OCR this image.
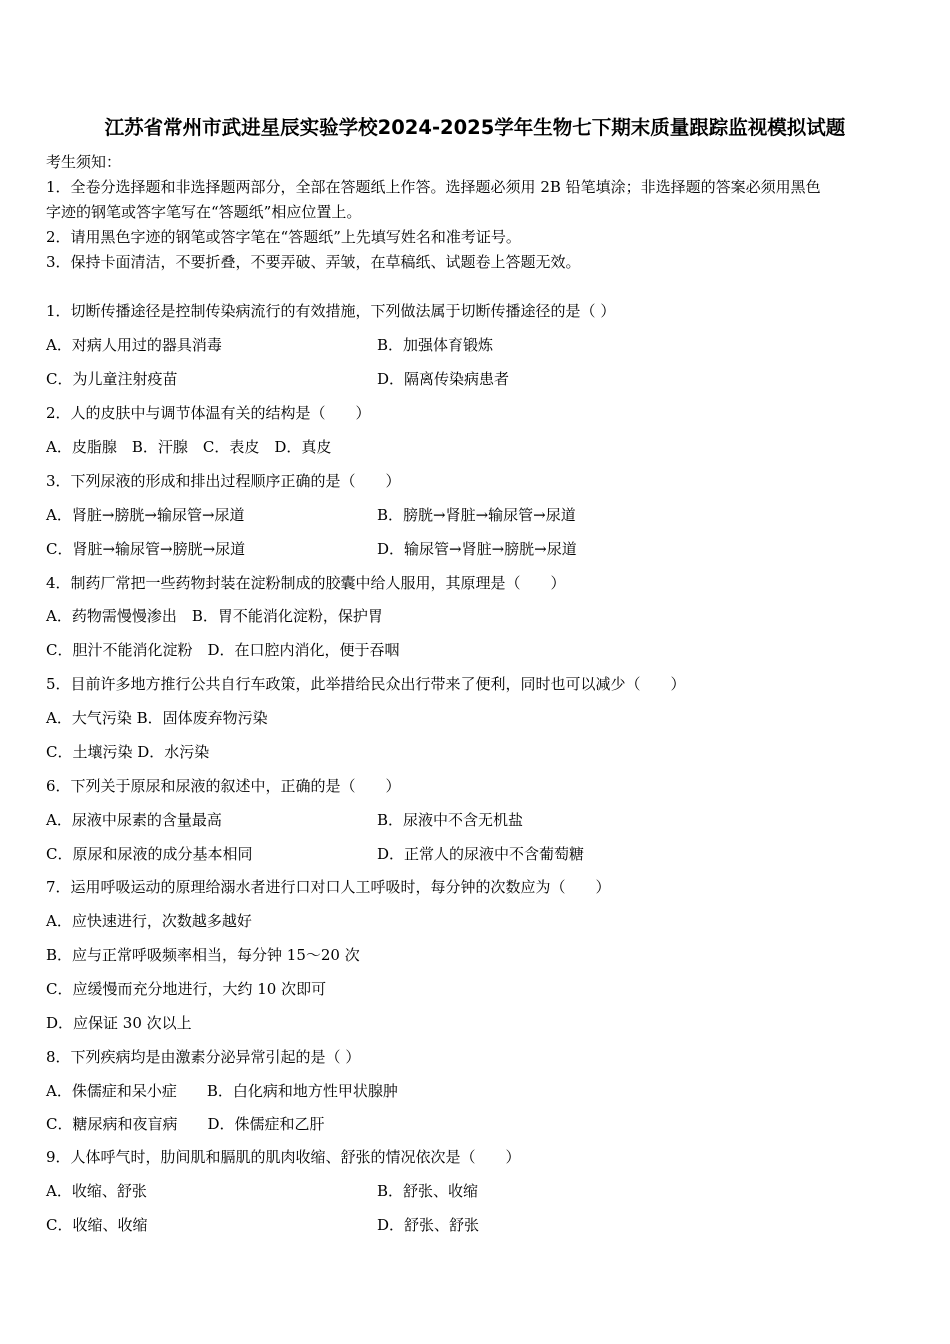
江苏省常州市武进星辰实验学校2024-2025学年生物七下期末质量跟踪监视模拟试题
考生须知：
1．全卷分选择题和非选择题两部分，全部在答题纸上作答。选择题必须用 2B 铅笔填涂；非选择题的答案必须用黑色
字迹的钢笔或答字笔写在“答题纸”相应位置上。
2．请用黑色字迹的钢笔或答字笔在“答题纸”上先填写姓名和准考证号。
3．保持卡面清洁，不要折叠，不要弄破、弄皱，在草稿纸、试题卷上答题无效。
1．切断传播途径是控制传染病流行的有效措施，下列做法属于切断传播途径的是（ ）
A．对病人用过的器具消毒	B．加强体育锻炼
C．为儿童注射疫苗	D．隔离传染病患者
2．人的皮肤中与调节体温有关的结构是（　　）
A．皮脂腺　B．汗腺　C．表皮　D．真皮
3．下列尿液的形成和排出过程顺序正确的是（　　）
A．肾脏→膀胱→输尿管→尿道	B．膀胱→肾脏→输尿管→尿道
C．肾脏→输尿管→膀胱→尿道	D．输尿管→肾脏→膀胱→尿道
4．制药厂常把一些药物封装在淀粉制成的胶囊中给人服用，其原理是（　　）
A．药物需慢慢渗出　B．胃不能消化淀粉，保护胃
C．胆汁不能消化淀粉　D．在口腔内消化，便于吞咽
5．目前许多地方推行公共自行车政策，此举措给民众出行带来了便利，同时也可以减少（　　）
A．大气污染 B．固体废弃物污染
C．土壤污染 D．水污染
6．下列关于原尿和尿液的叙述中，正确的是（　　）
A．尿液中尿素的含量最高	B．尿液中不含无机盐
C．原尿和尿液的成分基本相同	D．正常人的尿液中不含葡萄糖
7．运用呼吸运动的原理给溺水者进行口对口人工呼吸时，每分钟的次数应为（　　）
A．应快速进行，次数越多越好
B．应与正常呼吸频率相当，每分钟 15～20 次
C．应缓慢而充分地进行，大约 10 次即可
D．应保证 30 次以上
8．下列疾病均是由激素分泌异常引起的是（ ）
A．侏儒症和呆小症　　B．白化病和地方性甲状腺肿
C．糖尿病和夜盲病　　D．侏儒症和乙肝
9．人体呼气时，肋间肌和膈肌的肌肉收缩、舒张的情况依次是（　　）
A．收缩、舒张	B．舒张、收缩
C．收缩、收缩	D．舒张、舒张
